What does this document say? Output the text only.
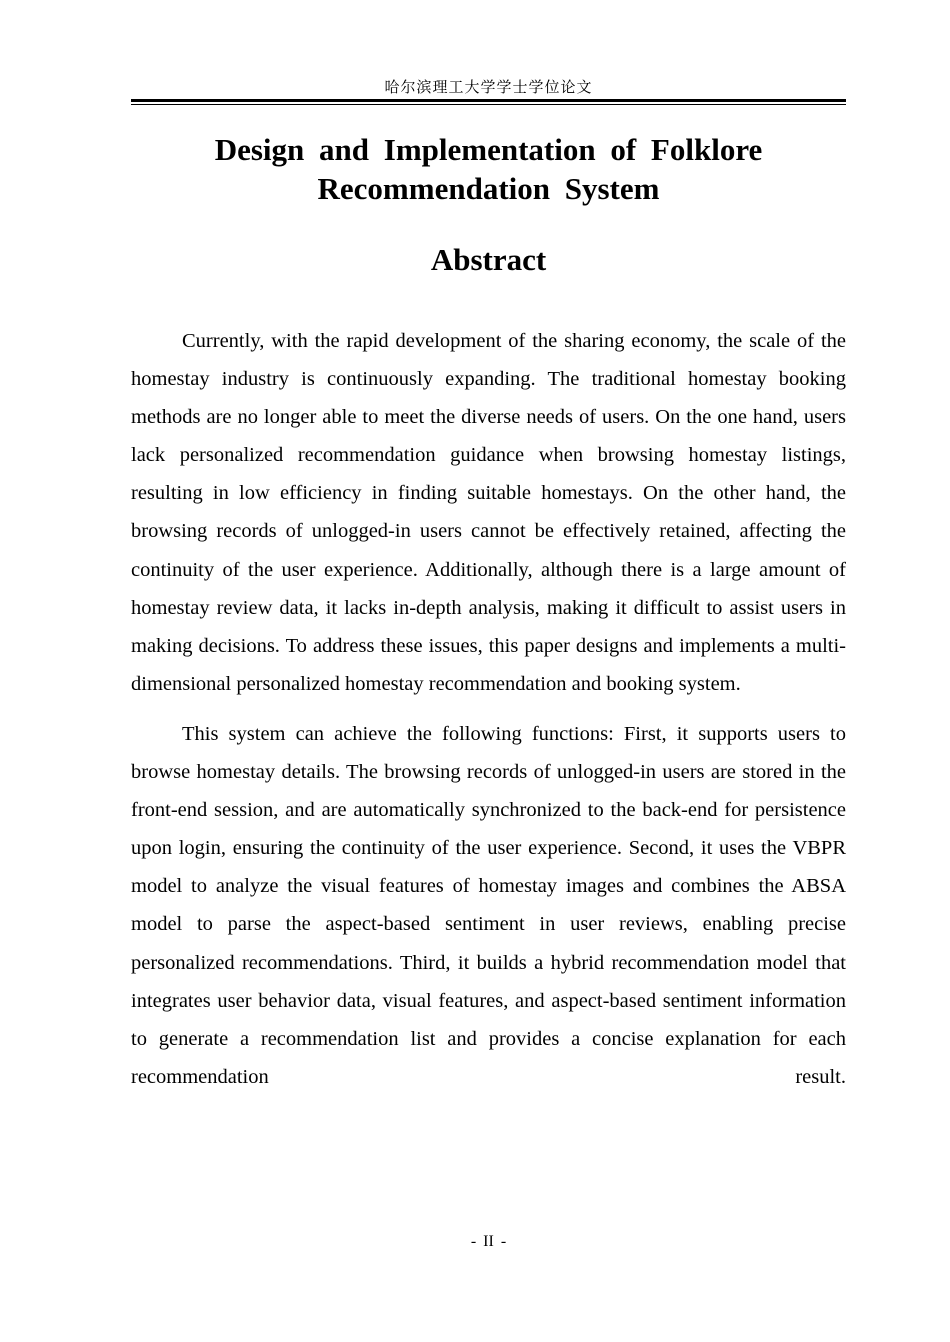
哈尔滨理工大学学士学位论文
Design and Implementation of Folklore
Recommendation System
Abstract

Currently, with the rapid development of the sharing economy, the scale of the homestay industry is continuously expanding. The traditional homestay booking methods are no longer able to meet the diverse needs of users. On the one hand, users lack personalized recommendation guidance when browsing homestay listings, resulting in low efficiency in finding suitable homestays. On the other hand, the browsing records of unlogged-in users cannot be effectively retained, affecting the continuity of the user experience. Additionally, although there is a large amount of homestay review data, it lacks in-depth analysis, making it difficult to assist users in making decisions. To address these issues, this paper designs and implements a multi-dimensional personalized homestay recommendation and booking system.

This system can achieve the following functions: First, it supports users to browse homestay details. The browsing records of unlogged-in users are stored in the front-end session, and are automatically synchronized to the back-end for persistence upon login, ensuring the continuity of the user experience. Second, it uses the VBPR model to analyze the visual features of homestay images and combines the ABSA model to parse the aspect-based sentiment in user reviews, enabling precise personalized recommendations. Third, it builds a hybrid recommendation model that integrates user behavior data, visual features, and aspect-based sentiment information to generate a recommendation list and provides a concise explanation for each recommendation result.

- II -
